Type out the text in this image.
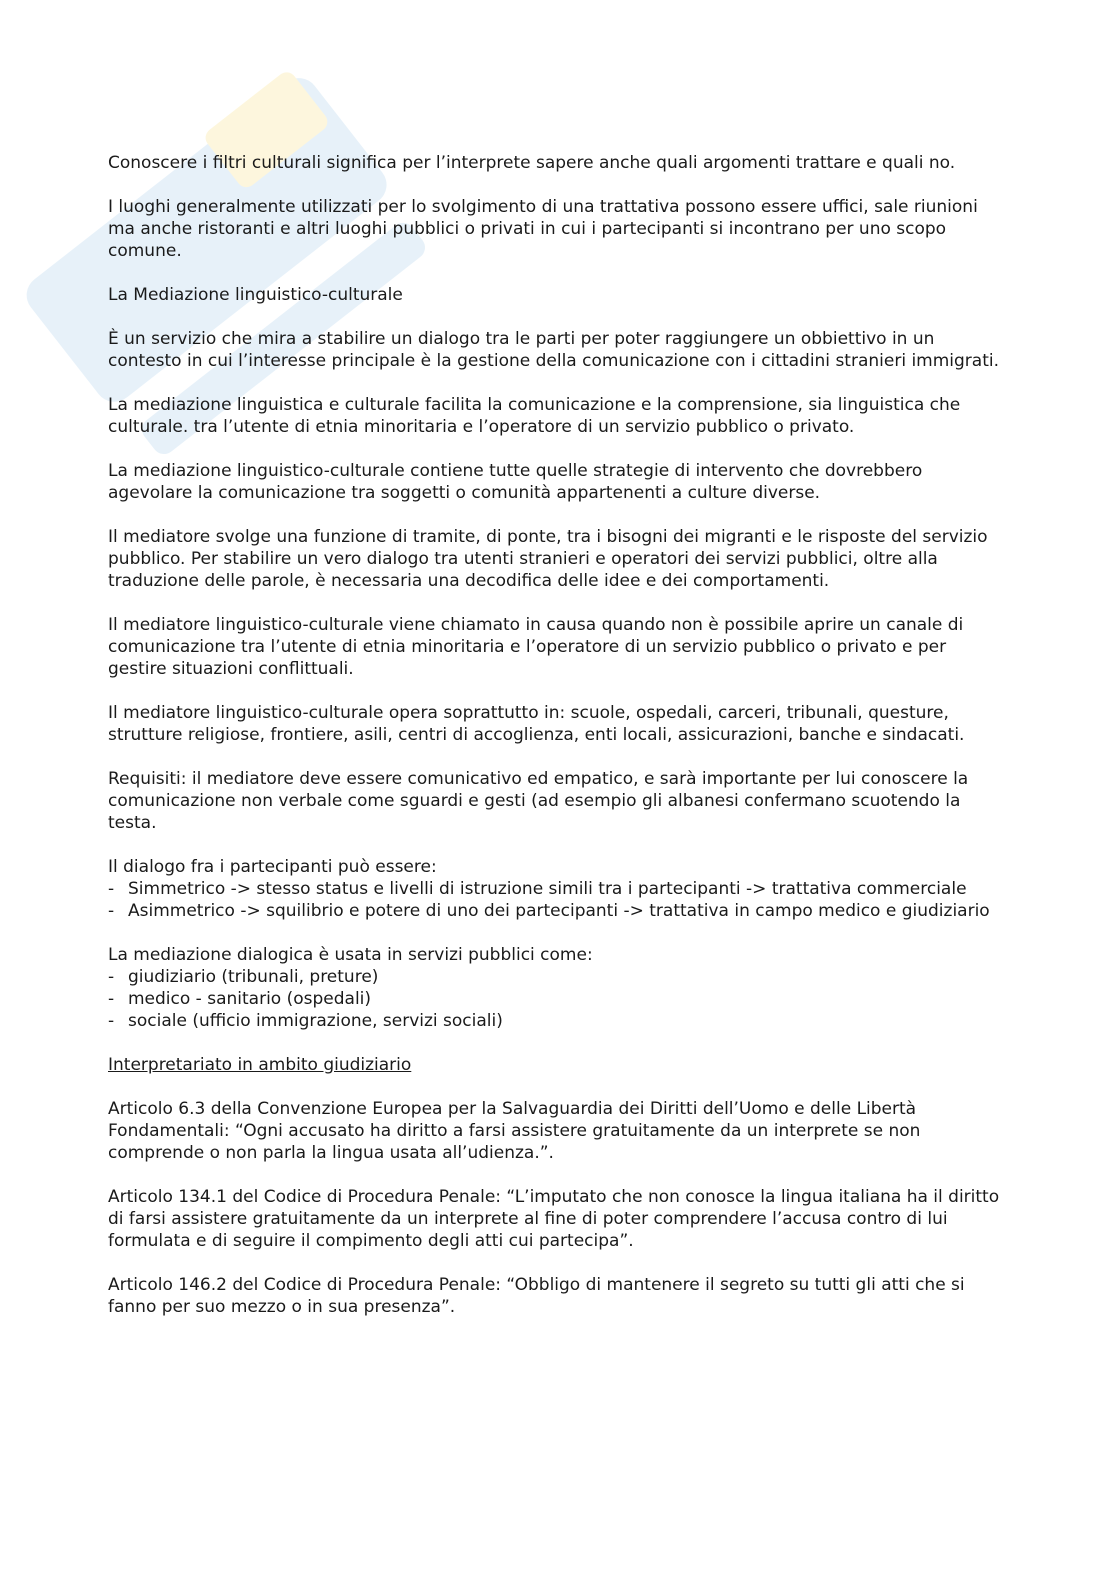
Conoscere i filtri culturali significa per l’interprete sapere anche quali argomenti trattare e quali no.

I luoghi generalmente utilizzati per lo svolgimento di una trattativa possono essere uffici, sale riunioni ma anche ristoranti e altri luoghi pubblici o privati in cui i partecipanti si incontrano per uno scopo comune.

La Mediazione linguistico-culturale

È un servizio che mira a stabilire un dialogo tra le parti per poter raggiungere un obbiettivo in un contesto in cui l’interesse principale è la gestione della comunicazione con i cittadini stranieri immigrati.

La mediazione linguistica e culturale facilita la comunicazione e la comprensione, sia linguistica che culturale. tra l’utente di etnia minoritaria e l’operatore di un servizio pubblico o privato.

La mediazione linguistico-culturale contiene tutte quelle strategie di intervento che dovrebbero agevolare la comunicazione tra soggetti o comunità appartenenti a culture diverse.

Il mediatore svolge una funzione di tramite, di ponte, tra i bisogni dei migranti e le risposte del servizio pubblico. Per stabilire un vero dialogo tra utenti stranieri e operatori dei servizi pubblici, oltre alla traduzione delle parole, è necessaria una decodifica delle idee e dei comportamenti.

Il mediatore linguistico-culturale viene chiamato in causa quando non è possibile aprire un canale di comunicazione tra l’utente di etnia minoritaria e l’operatore di un servizio pubblico o privato e per gestire situazioni conflittuali.

Il mediatore linguistico-culturale opera soprattutto in: scuole, ospedali, carceri, tribunali, questure, strutture religiose, frontiere, asili, centri di accoglienza, enti locali, assicurazioni, banche e sindacati.

Requisiti: il mediatore deve essere comunicativo ed empatico, e sarà importante per lui conoscere la comunicazione non verbale come sguardi e gesti (ad esempio gli albanesi confermano scuotendo la testa.

Il dialogo fra i partecipanti può essere:

- Simmetrico -> stesso status e livelli di istruzione simili tra i partecipanti -> trattativa commerciale
- Asimmetrico -> squilibrio e potere di uno dei partecipanti -> trattativa in campo medico e giudiziario

La mediazione dialogica è usata in servizi pubblici come:

- giudiziario (tribunali, preture)
- medico - sanitario (ospedali)
- sociale (ufficio immigrazione, servizi sociali)

Interpretariato in ambito giudiziario

Articolo 6.3 della Convenzione Europea per la Salvaguardia dei Diritti dell’Uomo e delle Libertà Fondamentali: “Ogni accusato ha diritto a farsi assistere gratuitamente da un interprete se non comprende o non parla la lingua usata all’udienza.”.

Articolo 134.1 del Codice di Procedura Penale: “L’imputato che non conosce la lingua italiana ha il diritto di farsi assistere gratuitamente da un interprete al fine di poter comprendere l’accusa contro di lui formulata e di seguire il compimento degli atti cui partecipa”.

Articolo 146.2 del Codice di Procedura Penale: “Obbligo di mantenere il segreto su tutti gli atti che si fanno per suo mezzo o in sua presenza”.
